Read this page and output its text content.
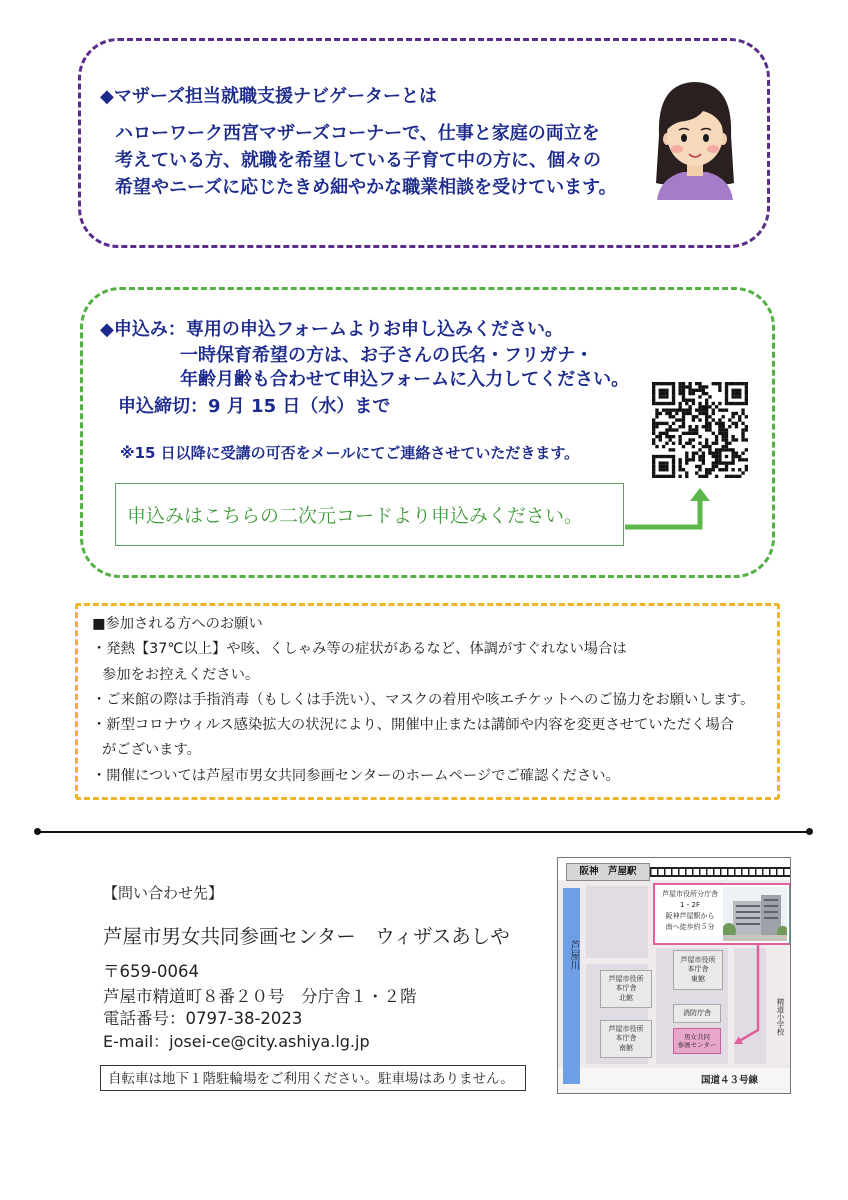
◆マザーズ担当就職支援ナビゲーターとは
ハローワーク西宮マザーズコーナーで、仕事と家庭の両立を
考えている方、就職を希望している子育て中の方に、個々の
希望やニーズに応じたきめ細やかな職業相談を受けています。
◆申込み：専用の申込フォームよりお申し込みください。
一時保育希望の方は、お子さんの氏名・フリガナ・
年齢月齢も合わせて申込フォームに入力してください。
申込締切：9 月 15 日（水）まで
※15 日以降に受講の可否をメールにてご連絡させていただきます。
申込みはこちらの二次元コードより申込みください。
■参加される方へのお願い
・発熱【37℃以上】や咳、くしゃみ等の症状があるなど、体調がすぐれない場合は
参加をお控えください。
・ご来館の際は手指消毒（もしくは手洗い）、マスクの着用や咳エチケットへのご協力をお願いします。
・新型コロナウィルス感染拡大の状況により、開催中止または講師や内容を変更させていただく場合
がございます。
・開催については芦屋市男女共同参画センターのホームページでご確認ください。
【問い合わせ先】
芦屋市男女共同参画センター　ウィザスあしや
〒659-0064
芦屋市精道町８番２０号　分庁舎１・２階
電話番号：0797-38-2023
E-mail：josei-ce@city.ashiya.lg.jp
自転車は地下１階駐輪場をご利用ください。駐車場はありません。
阪神　芦屋駅
芦屋川
芦屋市役所分庁舎
1・2F
阪神芦屋駅から
南へ徒歩約５分
芦屋市役所
本庁舎
東館
芦屋市役所
本庁舎
北館
芦屋市役所
本庁舎
南館
消防庁舎
男女共同
参画センター
精道小学校
国道４３号線
